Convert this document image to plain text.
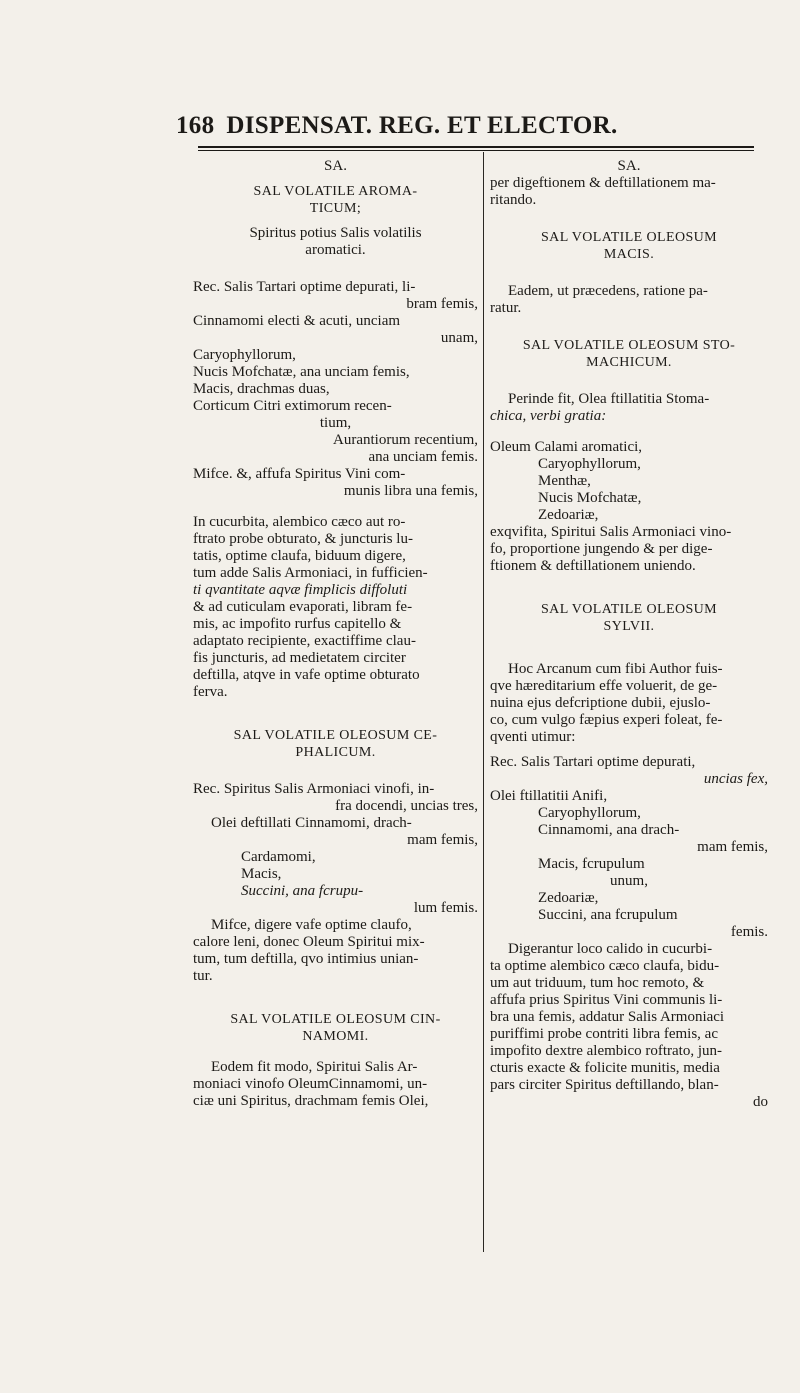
168 DISPENSAT. REG. ET ELECTOR.
SA.
SAL VOLATILE AROMA-
TICUM;
Spiritus potius Salis volatilis
aromatici.
Rec. Salis Tartari optime depurati, li-
bram femis,
Cinnamomi electi & acuti, unciam
unam,
Caryophyllorum,
Nucis Mofchatæ, ana unciam femis,
Macis, drachmas duas,
Corticum Citri extimorum recen-
tium,
Aurantiorum recentium,
ana unciam femis.
Mifce. &, affufa Spiritus Vini com-
munis libra una femis,
In cucurbita, alembico cæco aut ro-
ftrato probe obturato, & juncturis lu-
tatis, optime claufa, biduum digere,
tum adde Salis Armoniaci, in fufficien-
ti qvantitate aqvæ fimplicis diffoluti
& ad cuticulam evaporati, libram fe-
mis, ac impofito rurfus capitello &
adaptato recipiente, exactiffime clau-
fis juncturis, ad medietatem circiter
deftilla, atqve in vafe optime obturato
ferva.
SAL VOLATILE OLEOSUM CE-
PHALICUM.
Rec. Spiritus Salis Armoniaci vinofi, in-
fra docendi, uncias tres,
Olei deftillati Cinnamomi, drach-
mam femis,
Cardamomi,
Macis,
Succini, ana fcrupu-
lum femis.
Mifce, digere vafe optime claufo,
calore leni, donec Oleum Spiritui mix-
tum, tum deftilla, qvo intimius unian-
tur.
SAL VOLATILE OLEOSUM CIN-
NAMOMI.
Eodem fit modo, Spiritui Salis Ar-
moniaci vinofo OleumCinnamomi, un-
ciæ uni Spiritus, drachmam femis Olei,
SA.
per digeftionem & deftillationem ma-
ritando.
SAL VOLATILE OLEOSUM
MACIS.
Eadem, ut præcedens, ratione pa-
ratur.
SAL VOLATILE OLEOSUM STO-
MACHICUM.
Perinde fit, Olea ftillatitia Stoma-
chica, verbi gratia:
Oleum Calami aromatici,
Caryophyllorum,
Menthæ,
Nucis Mofchatæ,
Zedoariæ,
exqvifita, Spiritui Salis Armoniaci vino-
fo, proportione jungendo & per dige-
ftionem & deftillationem uniendo.
SAL VOLATILE OLEOSUM
SYLVII.
Hoc Arcanum cum fibi Author fuis-
qve hæreditarium effe voluerit, de ge-
nuina ejus defcriptione dubii, ejuslo-
co, cum vulgo fæpius experi foleat, fe-
qventi utimur:
Rec. Salis Tartari optime depurati,
uncias fex,
Olei ftillatitii Anifi,
Caryophyllorum,
Cinnamomi, ana drach-
mam femis,
Macis, fcrupulum
unum,
Zedoariæ,
Succini, ana fcrupulum
femis.
Digerantur loco calido in cucurbi-
ta optime alembico cæco claufa, bidu-
um aut triduum, tum hoc remoto, &
affufa prius Spiritus Vini communis li-
bra una femis, addatur Salis Armoniaci
puriffimi probe contriti libra femis, ac
impofito dextre alembico roftrato, jun-
cturis exacte & folicite munitis, media
pars circiter Spiritus deftillando, blan-
do
